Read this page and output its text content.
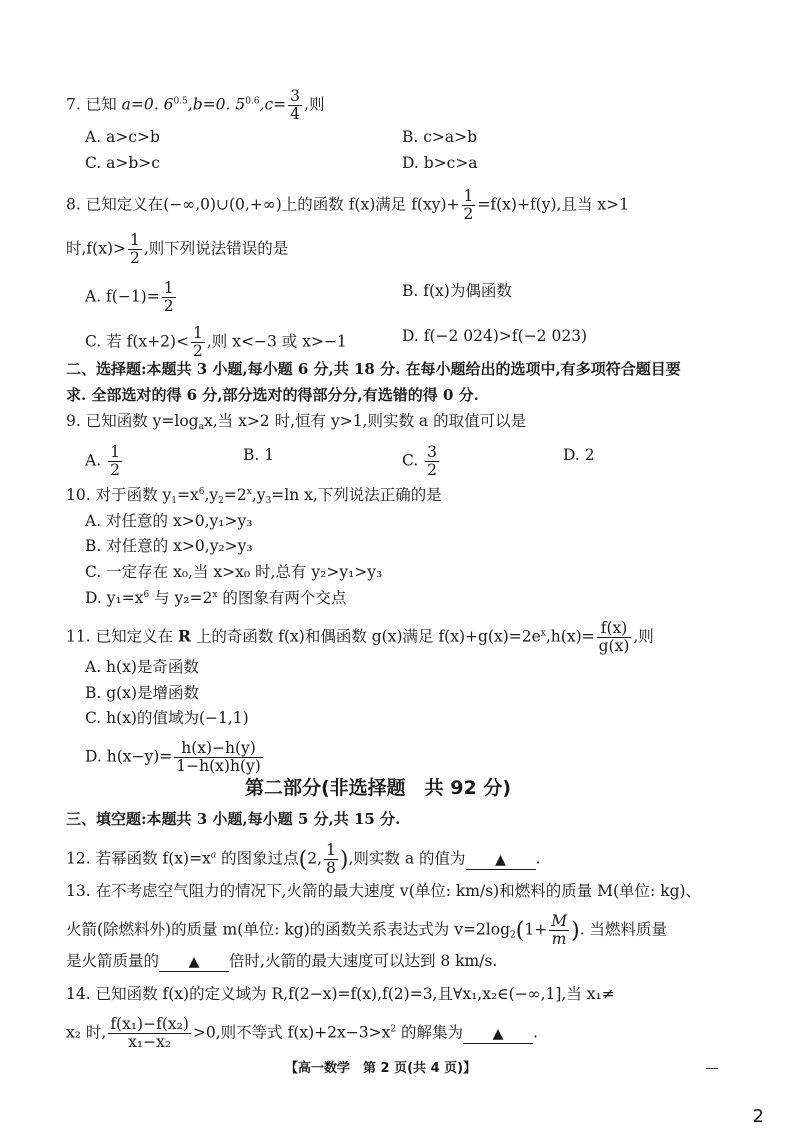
7. 已知 a=0. $6^{0.5},b=0$. $5^{0.6},c= \frac{3}{4}$ ,则
A. a>c>b	B. c>a>b
C. a>b>c	D. b>c>a
8. 已知定义在(−∞,0)∪(0,+∞)上的函数 f(x)满足 $f(xy)+ \frac{1}{2} =f(x)+f(y)$,且当 x>1
时$,f(x)> \frac{1}{2}$ ,则下列说法错误的是
A. $f(-1)= \frac{1}{2}$	B. f(x)为偶函数
C. 若 $f(x+2)< \frac{1}{2}$ ,则 x<−3 或 x>−1	D. f(−2 024)>f(−2 023)
二、选择题:本题共 3 小题,每小题 6 分,共 18 分. 在每小题给出的选项中,有多项符合题目要
求. 全部选对的得 6 分,部分选对的得部分分,有选错的得 0 分.
9. 已知函数 $y=\log_ax$,当 x>2 时,恒有 y>1,则实数 a 的取值可以是
A. $\frac{1}{2}$	B. 1	C. $\frac{3}{2}$	D. 2
10. 对于函数 $y_1=x^6,y_2=2^x,y_3=\ln$ x,下列说法正确的是
A. 对任意的 x>0,y₁>y₃
B. 对任意的 x>0,y₂>y₃
C. 一定存在 x₀,当 x>x₀ 时,总有 y₂>y₁>y₃
D. $y_1=x^6$ 与 $y_2=2^x$ 的图象有两个交点
11. 已知定义在 R 上的奇函数 f(x)和偶函数 g(x)满足 $f(x)+g(x)=2e^x,h(x)= \frac{f(x)}{g(x)}$ ,则
A. h(x)是奇函数
B. g(x)是增函数
C. h(x)的值域为(−1,1)
D. $h(x-y)= \frac{h(x)-h(y)}{1-h(x)h(y)}$
第二部分(非选择题　共 92 分)
三、填空题:本题共 3 小题,每小题 5 分,共 15 分.
12. 若幂函数 $f(x)=x^a$ 的图象过点(2, $\frac{1}{8}$ ),则实数 a 的值为 ▲ .
13. 在不考虑空气阻力的情况下,火箭的最大速度 v(单位: km/s)和燃料的质量 M(单位: kg)、
火箭(除燃料外)的质量 m(单位: kg)的函数关系表达式为 $v=2\log_2(1+ \frac{M}{m}$ ). 当燃料质量
是火箭质量的 ▲ 倍时,火箭的最大速度可以达到 8 km/s.
14. 已知函数 f(x)的定义域为 R,f(2−x)=f(x),f(2)=3,且∀x₁,x₂∈(−∞,1],当 x₁≠
x₂ 时, $\frac{\text{f(x₁)−f(x₂)}}{\text{x₁−x₂}} >0$,则不等式 $f(x)+2x-3>x^2$ 的解集为 ▲ .
【高一数学　第 2 页(共 4 页)】
2
